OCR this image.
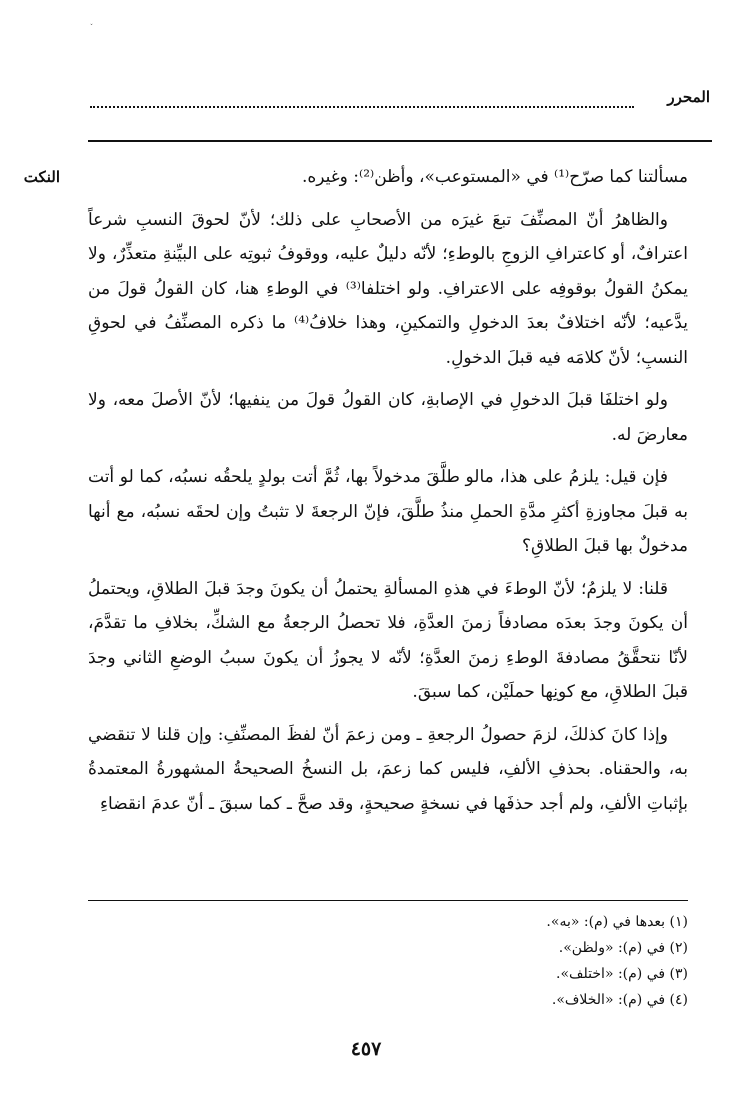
ˇ
المحرر
النكت	مسألتنا كما صرّح⁽¹⁾ في «المستوعب»، وأظن⁽²⁾: وغيره.

والظاهرُ أنّ المصنِّفَ تبعَ غيرَه من الأصحابِ على ذلك؛ لأنّ لحوقَ النسبِ شرعاً اعترافٌ، أو كاعترافِ الزوجِ بالوطءِ؛ لأنّه دليلٌ عليه، ووقوفُ ثبوتِه على البيِّنةِ متعذِّرٌ، ولا يمكنُ القولُ بوقوفِه على الاعترافِ. ولو اختلفا⁽³⁾ في الوطءِ هنا، كان القولُ قولَ من يدَّعيه؛ لأنّه اختلافٌ بعدَ الدخولِ والتمكينِ، وهذا خلافُ⁽⁴⁾ ما ذكره المصنِّفُ في لحوقِ النسبِ؛ لأنّ كلامَه فيه قبلَ الدخولِ.

ولو اختلفَا قبلَ الدخولِ في الإصابةِ، كان القولُ قولَ من ينفيها؛ لأنّ الأصلَ معه، ولا معارضَ له.

فإن قيل: يلزمُ على هذا، مالو طلَّقَ مدخولاً بها، ثُمَّ أتت بولدٍ يلحقُه نسبُه، كما لو أتت به قبلَ مجاوزةِ أكثرِ مدَّةِ الحملِ منذُ طلَّقَ، فإنّ الرجعةَ لا تثبتُ وإن لحقَه نسبُه، مع أنها مدخولٌ بها قبلَ الطلاقِ؟

قلنا: لا يلزمُ؛ لأنّ الوطءَ في هذهِ المسألةِ يحتملُ أن يكونَ وجدَ قبلَ الطلاقِ، ويحتملُ أن يكونَ وجدَ بعدَه مصادفاً زمنَ العدَّةِ، فلا تحصلُ الرجعةُ مع الشكِّ، بخلافِ ما تقدَّمَ، لأنّا نتحقَّقُ مصادفةَ الوطءِ زمنَ العدَّةِ؛ لأنّه لا يجوزُ أن يكونَ سببُ الوضعِ الثاني وجدَ قبلَ الطلاقِ، مع كونِها حملَيْن، كما سبقَ.

وإذا كانَ كذلكَ، لزمَ حصولُ الرجعةِ ـ ومن زعمَ أنّ لفظَ المصنِّفِ: وإن قلنا لا تنقضي به، والحقناه. بحذفِ الألفِ، فليس كما زعمَ، بل النسخُ الصحيحةُ المشهورةُ المعتمدةُ بإثباتِ الألفِ، ولم أجد حذفَها في نسخةٍ صحيحةٍ، وقد صحَّ ـ كما سبقَ ـ أنّ عدمَ انقضاءِ

(١) بعدها في (م): «به».

(٢) في (م): «ولظن».

(٣) في (م): «اختلف».

(٤) في (م): «الخلاف».

٤٥٧
